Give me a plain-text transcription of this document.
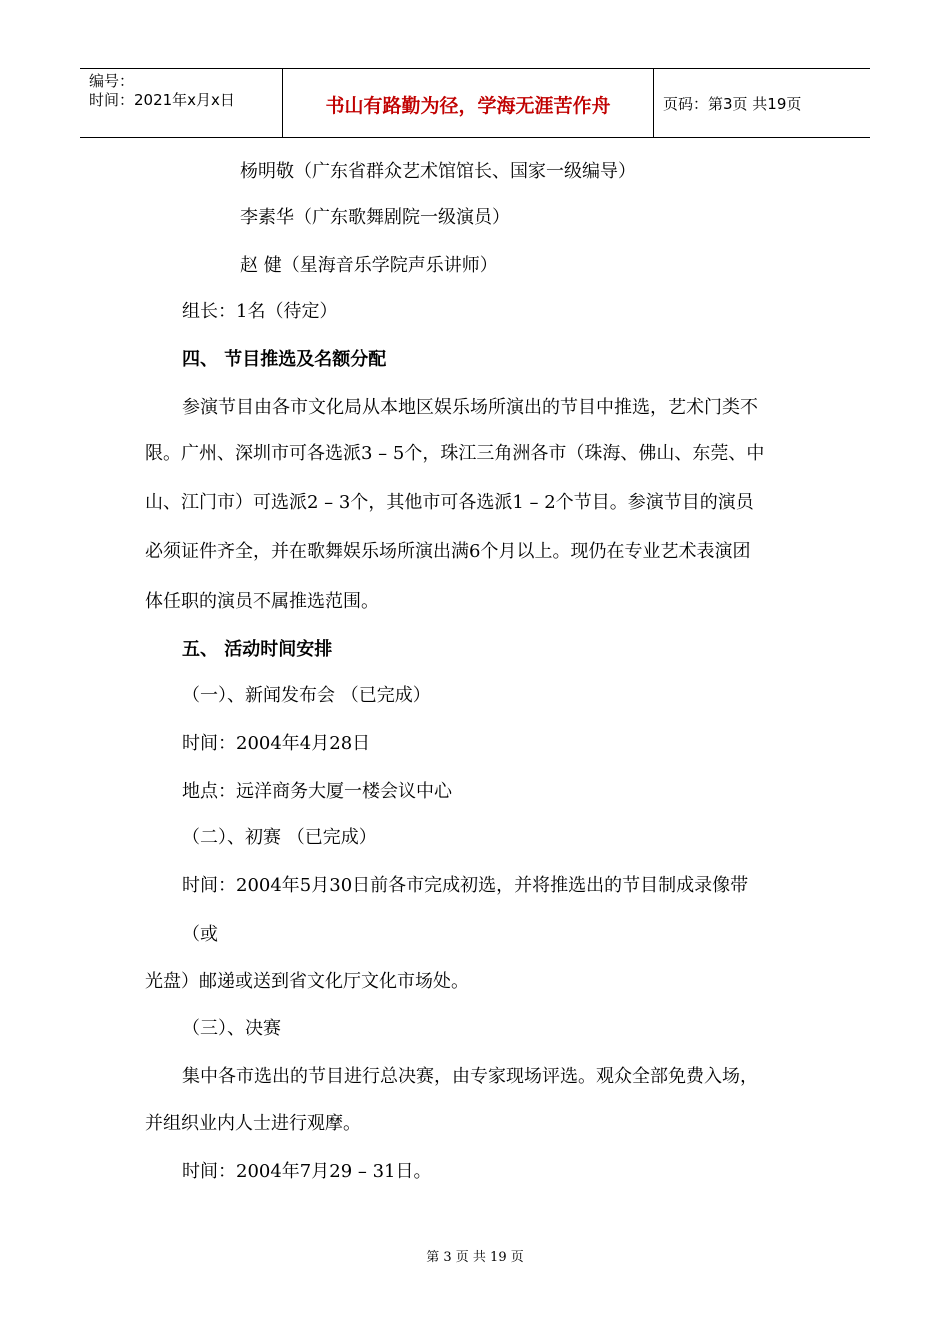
编号：
时间：2021年x月x日	书山有路勤为径，学海无涯苦作舟	页码：第3页 共19页
杨明敬（广东省群众艺术馆馆长、国家一级编导）
李素华（广东歌舞剧院一级演员）
赵 健（星海音乐学院声乐讲师）
组长：1名（待定）
四、 节目推选及名额分配
参演节目由各市文化局从本地区娱乐场所演出的节目中推选，艺术门类不
限。广州、深圳市可各选派3 – 5个，珠江三角洲各市（珠海、佛山、东莞、中
山、江门市）可选派2 – 3个，其他市可各选派1 – 2个节目。参演节目的演员
必须证件齐全，并在歌舞娱乐场所演出满6个月以上。现仍在专业艺术表演团
体任职的演员不属推选范围。
五、 活动时间安排
（一）、新闻发布会 （已完成）
时间：2004年4月28日
地点：远洋商务大厦一楼会议中心
（二）、初赛 （已完成）
时间：2004年5月30日前各市完成初选，并将推选出的节目制成录像带
（或
光盘）邮递或送到省文化厅文化市场处。
（三）、决赛
集中各市选出的节目进行总决赛，由专家现场评选。观众全部免费入场，
并组织业内人士进行观摩。
时间：2004年7月29 – 31日。
第 3 页 共 19 页
